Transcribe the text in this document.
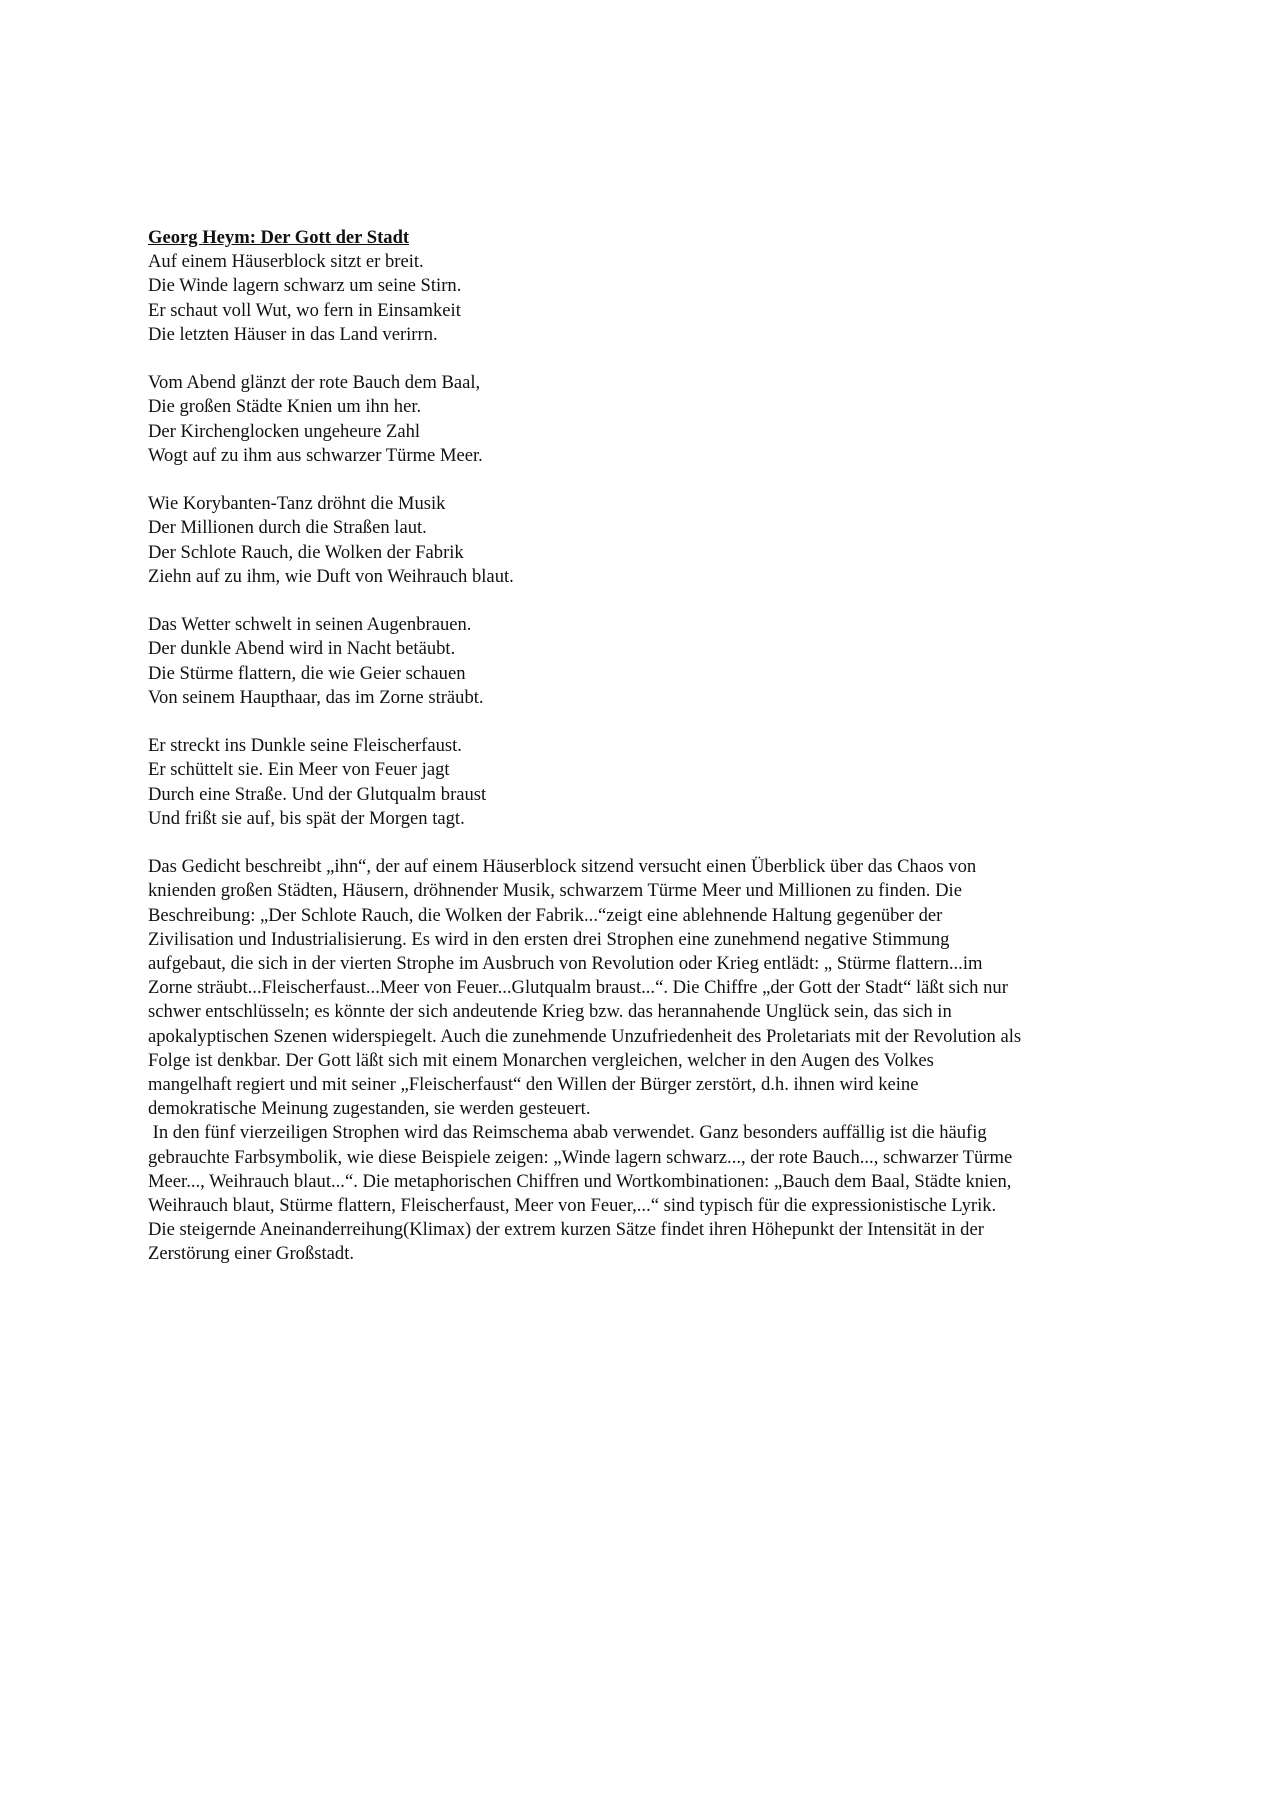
Georg Heym: Der Gott der Stadt

Auf einem Häuserblock sitzt er breit.

Die Winde lagern schwarz um seine Stirn.

Er schaut voll Wut, wo fern in Einsamkeit

Die letzten Häuser in das Land verirrn.

Vom Abend glänzt der rote Bauch dem Baal,

Die großen Städte Knien um ihn her.

Der Kirchenglocken ungeheure Zahl

Wogt auf zu ihm aus schwarzer Türme Meer.

Wie Korybanten-Tanz dröhnt die Musik

Der Millionen durch die Straßen laut.

Der Schlote Rauch, die Wolken der Fabrik

Ziehn auf zu ihm, wie Duft von Weihrauch blaut.

Das Wetter schwelt in seinen Augenbrauen.

Der dunkle Abend wird in Nacht betäubt.

Die Stürme flattern, die wie Geier schauen

Von seinem Haupthaar, das im Zorne sträubt.

Er streckt ins Dunkle seine Fleischerfaust.

Er schüttelt sie. Ein Meer von Feuer jagt

Durch eine Straße. Und der Glutqualm braust

Und frißt sie auf, bis spät der Morgen tagt.

Das Gedicht beschreibt „ihn“, der auf einem Häuserblock sitzend versucht einen Überblick über das Chaos von

knienden großen Städten, Häusern, dröhnender Musik, schwarzem Türme Meer und Millionen zu finden. Die

Beschreibung: „Der Schlote Rauch, die Wolken der Fabrik...“zeigt eine ablehnende Haltung gegenüber der

Zivilisation und Industrialisierung. Es wird in den ersten drei Strophen eine zunehmend negative Stimmung

aufgebaut, die sich in der vierten Strophe im Ausbruch von Revolution oder Krieg entlädt: „ Stürme flattern...im

Zorne sträubt...Fleischerfaust...Meer von Feuer...Glutqualm braust...“. Die Chiffre „der Gott der Stadt“ läßt sich nur

schwer entschlüsseln; es könnte der sich andeutende Krieg bzw. das herannahende Unglück sein, das sich in

apokalyptischen Szenen widerspiegelt. Auch die zunehmende Unzufriedenheit des Proletariats mit der Revolution als

Folge ist denkbar. Der Gott läßt sich mit einem Monarchen vergleichen, welcher in den Augen des Volkes

mangelhaft regiert und mit seiner „Fleischerfaust“ den Willen der Bürger zerstört, d.h. ihnen wird keine

demokratische Meinung zugestanden, sie werden gesteuert.

In den fünf vierzeiligen Strophen wird das Reimschema abab verwendet. Ganz besonders auffällig ist die häufig

gebrauchte Farbsymbolik, wie diese Beispiele zeigen: „Winde lagern schwarz..., der rote Bauch..., schwarzer Türme

Meer..., Weihrauch blaut...“. Die metaphorischen Chiffren und Wortkombinationen: „Bauch dem Baal, Städte knien,

Weihrauch blaut, Stürme flattern, Fleischerfaust, Meer von Feuer,...“ sind typisch für die expressionistische Lyrik.

Die steigernde Aneinanderreihung(Klimax) der extrem kurzen Sätze findet ihren Höhepunkt der Intensität in der

Zerstörung einer Großstadt.
